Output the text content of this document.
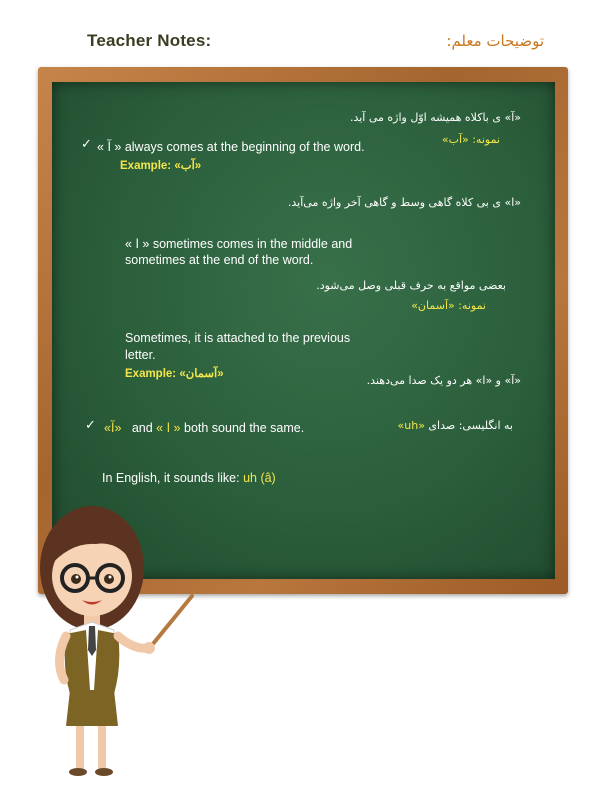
Teacher Notes:	توضیحات معلم:
«آ» ی باکلاه همیشه اوّل واژه می آید.
نمونه: «آب»
✓ « آ » always comes at the beginning of the word.
Example: «آب»
«ا» ی بی کلاه گاهی وسط و گاهی آخر واژه می‌آید.
« ا » sometimes comes in the middle and
sometimes at the end of the word.
بعضی مواقع به حرف قبلی وصل می‌شود.
نمونه: «آسمان»
Sometimes, it is attached to the previous
letter.
Example: «آسمان»	«آ» و «ا» هر دو یک صدا می‌دهند.
✓ «آ» and « ا » both sound the same.	به انگلیسی: صدای «uh»
In English, it sounds like: uh (â)
